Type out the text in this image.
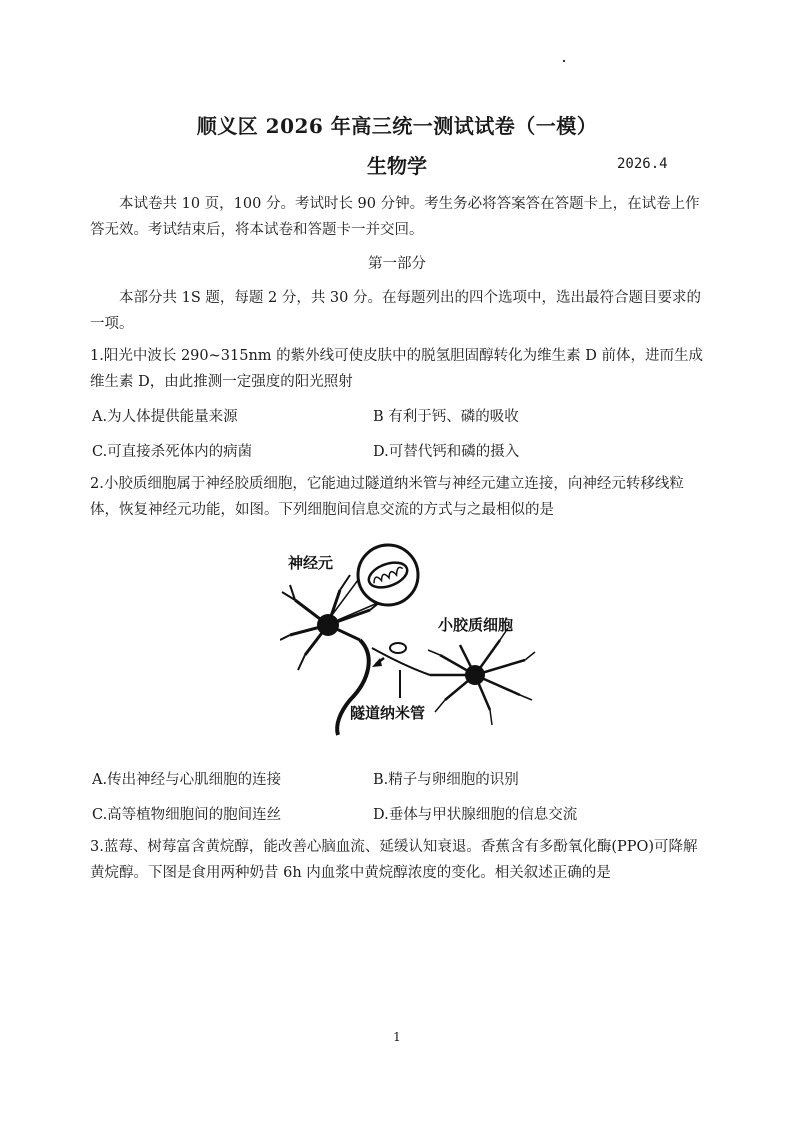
顺义区 2026 年高三统一测试试卷（一模）
生物学	2026.4
本试卷共 10 页，100 分。考试时长 90 分钟。考生务必将答案答在答题卡上，在试卷上作答无效。考试结束后，将本试卷和答题卡一并交回。
第一部分
本部分共 1S 题，每题 2 分，共 30 分。在每题列出的四个选项中，选出最符合题目要求的一项。
1.阳光中波长 290~315nm 的紫外线可使皮肤中的脱氢胆固醇转化为维生素 D 前体，进而生成维生素 D，由此推测一定强度的阳光照射
A.为人体提供能量来源	B 有利于钙、磷的吸收
C.可直接杀死体内的病菌	D.可替代钙和磷的摄入
2.小胶质细胞属于神经胶质细胞，它能迪过隧道纳米管与神经元建立连接，向神经元转移线粒体，恢复神经元功能，如图。下列细胞间信息交流的方式与之最相似的是
神经元
小胶质细胞
隧道纳米管
A.传出神经与心肌细胞的连接	B.精子与卵细胞的识别
C.高等植物细胞间的胞间连丝	D.垂体与甲状腺细胞的信息交流
3.蓝莓、树莓富含黄烷醇，能改善心脑血流、延缓认知衰退。香蕉含有多酚氧化酶(PPO)可降解黄烷醇。下图是食用两种奶昔 6h 内血浆中黄烷醇浓度的变化。相关叙述正确的是
1
